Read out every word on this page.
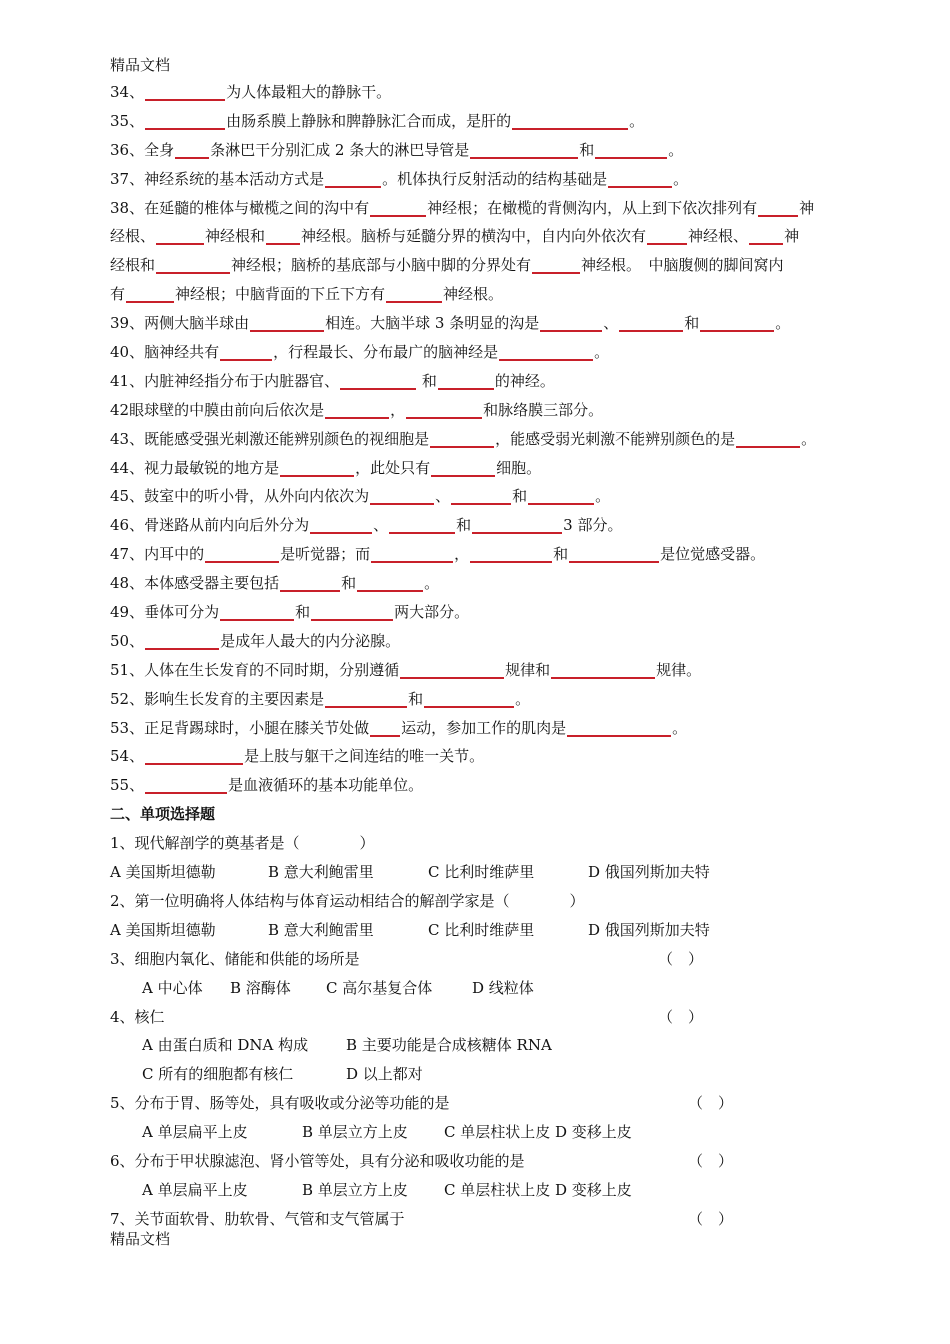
精品文档
34、	为人体最粗大的静脉干。
35、	由肠系膜上静脉和脾静脉汇合而成，是肝的	。
36、全身 条淋巴干分别汇成 2 条大的淋巴导管是	和	。
37、神经系统的基本活动方式是	。机体执行反射活动的结构基础是	。
38、在延髓的椎体与橄榄之间的沟中有	神经根；在橄榄的背侧沟内，从上到下依次排列有	神
经根、	神经根和 神经根。脑桥与延髓分界的横沟中，自内向外依次有	神经根、 神
经根和	神经根；脑桥的基底部与小脑中脚的分界处有	神经根。　中脑腹侧的脚间窝内
有	神经根；中脑背面的下丘下方有	神经根。
39、两侧大脑半球由	相连。大脑半球 3 条明显的沟是	、	和	。
40、脑神经共有	，行程最长、分布最广的脑神经是	。
41、内脏神经指分布于内脏器官、	和	的神经。
42眼球壁的中膜由前向后依次是	，	和脉络膜三部分。
43、既能感受强光刺激还能辨别颜色的视细胞是	，能感受弱光刺激不能辨别颜色的是	。
44、视力最敏锐的地方是	，此处只有	细胞。
45、鼓室中的听小骨，从外向内依次为	、	和	。
46、骨迷路从前内向后外分为	、	和	3 部分。
47、内耳中的	是听觉器；而	，	和	是位觉感受器。
48、本体感受器主要包括	和	。
49、垂体可分为	和	两大部分。
50、	是成年人最大的内分泌腺。
51、人体在生长发育的不同时期，分别遵循	规律和	规律。
52、影响生长发育的主要因素是	和	。
53、正足背踢球时，小腿在膝关节处做 运动，参加工作的肌肉是	。
54、	是上肢与躯干之间连结的唯一关节。
55、	是血液循环的基本功能单位。
二、单项选择题
1、现代解剖学的奠基者是（　　　　）
A 美国斯坦德勒	B 意大利鲍雷里	C 比利时维萨里	D 俄国列斯加夫特
2、第一位明确将人体结构与体育运动相结合的解剖学家是（　　　　）
A 美国斯坦德勒	B 意大利鲍雷里	C 比利时维萨里	D 俄国列斯加夫特
3、细胞内氧化、储能和供能的场所是	（　）
A 中心体 B 溶酶体 C 高尔基复合体	D 线粒体
4、核仁	（　）
A 由蛋白质和 DNA 构成	B 主要功能是合成核糖体 RNA
C 所有的细胞都有核仁	D 以上都对
5、分布于胃、肠等处，具有吸收或分泌等功能的是	（　）
A 单层扁平上皮	B 单层立方上皮 C 单层柱状上皮 D 变移上皮
6、分布于甲状腺滤泡、肾小管等处，具有分泌和吸收功能的是	（　）
A 单层扁平上皮	B 单层立方上皮 C 单层柱状上皮 D 变移上皮
7、关节面软骨、肋软骨、气管和支气管属于	（　）
精品文档
